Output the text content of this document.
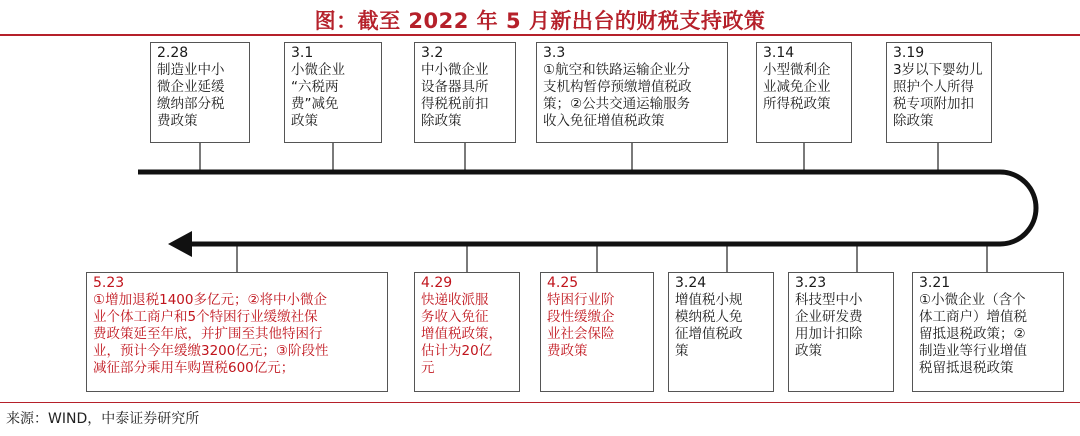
图：截至 2022 年 5 月新出台的财税支持政策
2.28
制造业中小
微企业延缓
缴纳部分税
费政策
3.1
小微企业
“六税两
费”减免
政策
3.2
中小微企业
设备器具所
得税税前扣
除政策
3.3
①航空和铁路运输企业分
支机构暂停预缴增值税政
策；②公共交通运输服务
收入免征增值税政策
3.14
小型微利企
业减免企业
所得税政策
3.19
3岁以下婴幼儿
照护个人所得
税专项附加扣
除政策
5.23
①增加退税1400多亿元；②将中小微企
业个体工商户和5个特困行业缓缴社保
费政策延至年底，并扩围至其他特困行
业，预计今年缓缴3200亿元；③阶段性
减征部分乘用车购置税600亿元；
4.29
快递收派服
务收入免征
增值税政策，
估计为20亿
元
4.25
特困行业阶
段性缓缴企
业社会保险
费政策
3.24
增值税小规
模纳税人免
征增值税政
策
3.23
科技型中小
企业研发费
用加计扣除
政策
3.21
①小微企业（含个
体工商户）增值税
留抵退税政策；②
制造业等行业增值
税留抵退税政策
来源：WIND，中泰证券研究所
